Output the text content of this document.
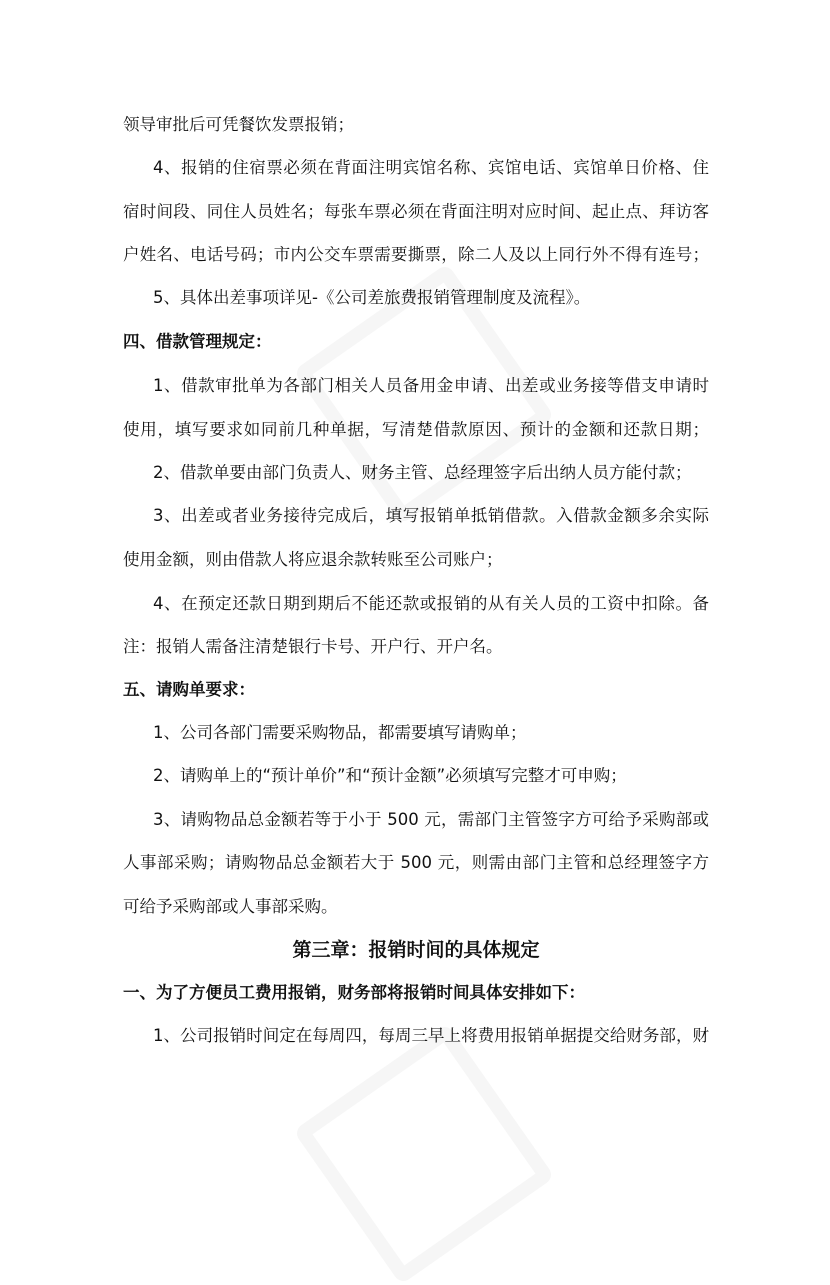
领导审批后可凭餐饮发票报销；
4、报销的住宿票必须在背面注明宾馆名称、宾馆电话、宾馆单日价格、住
宿时间段、同住人员姓名；每张车票必须在背面注明对应时间、起止点、拜访客
户姓名、电话号码；市内公交车票需要撕票，除二人及以上同行外不得有连号；
5、具体出差事项详见-《公司差旅费报销管理制度及流程》。
四、借款管理规定：
1、借款审批单为各部门相关人员备用金申请、出差或业务接等借支申请时
使用，填写要求如同前几种单据，写清楚借款原因、预计的金额和还款日期；
2、借款单要由部门负责人、财务主管、总经理签字后出纳人员方能付款；
3、出差或者业务接待完成后，填写报销单抵销借款。入借款金额多余实际
使用金额，则由借款人将应退余款转账至公司账户；
4、在预定还款日期到期后不能还款或报销的从有关人员的工资中扣除。备
注：报销人需备注清楚银行卡号、开户行、开户名。
五、请购单要求：
1、公司各部门需要采购物品，都需要填写请购单；
2、请购单上的“预计单价”和“预计金额”必须填写完整才可申购；
3、请购物品总金额若等于小于 500 元，需部门主管签字方可给予采购部或
人事部采购；请购物品总金额若大于 500 元，则需由部门主管和总经理签字方
可给予采购部或人事部采购。
第三章：报销时间的具体规定
一、为了方便员工费用报销，财务部将报销时间具体安排如下：
1、公司报销时间定在每周四，每周三早上将费用报销单据提交给财务部，财
